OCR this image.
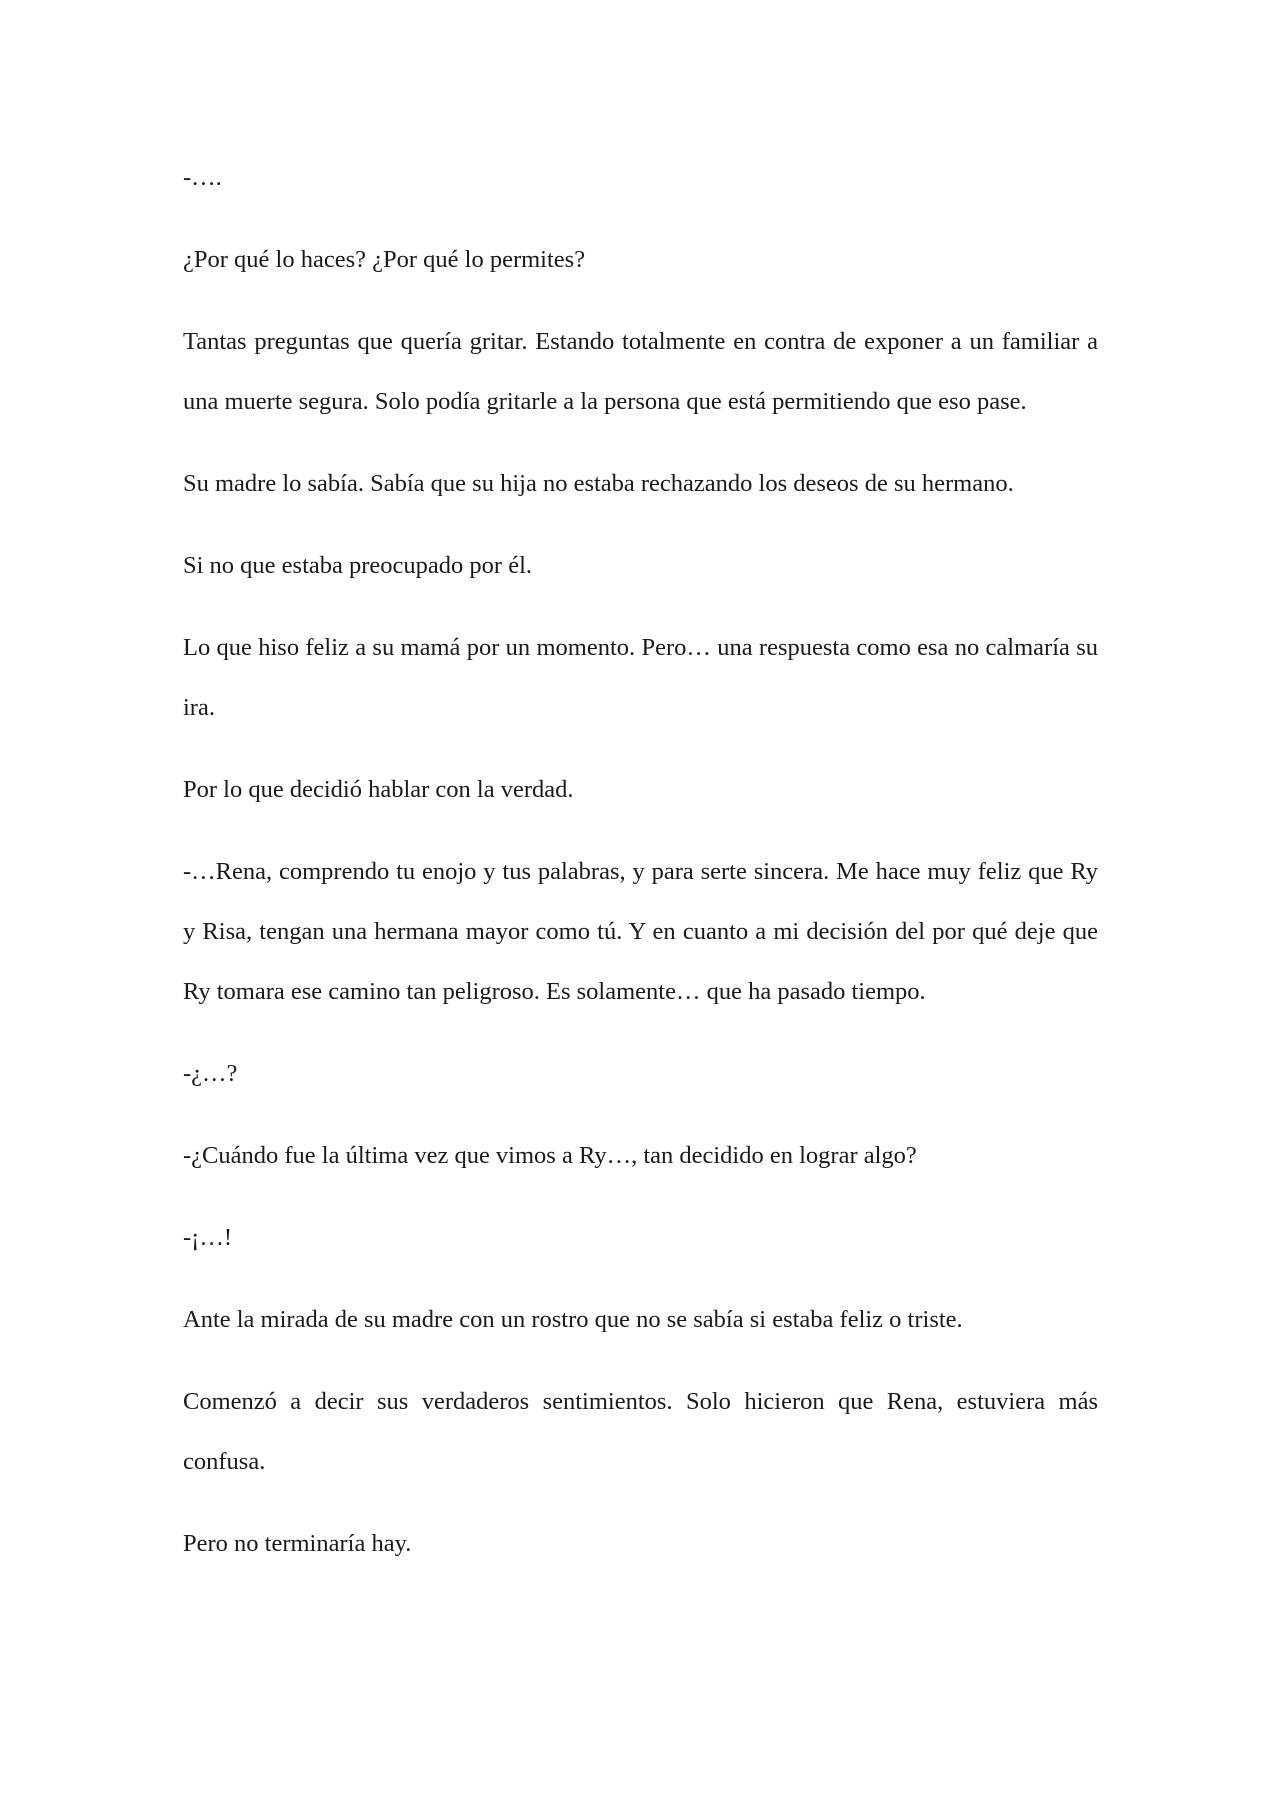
-….

¿Por qué lo haces? ¿Por qué lo permites?

Tantas preguntas que quería gritar. Estando totalmente en contra de exponer a un familiar a una muerte segura. Solo podía gritarle a la persona que está permitiendo que eso pase.

Su madre lo sabía. Sabía que su hija no estaba rechazando los deseos de su hermano.

Si no que estaba preocupado por él.

Lo que hiso feliz a su mamá por un momento. Pero… una respuesta como esa no calmaría su ira.

Por lo que decidió hablar con la verdad.

-…Rena, comprendo tu enojo y tus palabras, y para serte sincera. Me hace muy feliz que Ry y Risa, tengan una hermana mayor como tú. Y en cuanto a mi decisión del por qué deje que Ry tomara ese camino tan peligroso. Es solamente… que ha pasado tiempo.

-¿…?

-¿Cuándo fue la última vez que vimos a Ry…, tan decidido en lograr algo?

-¡…!

Ante la mirada de su madre con un rostro que no se sabía si estaba feliz o triste.

Comenzó a decir sus verdaderos sentimientos. Solo hicieron que Rena, estuviera más confusa.

Pero no terminaría hay.
